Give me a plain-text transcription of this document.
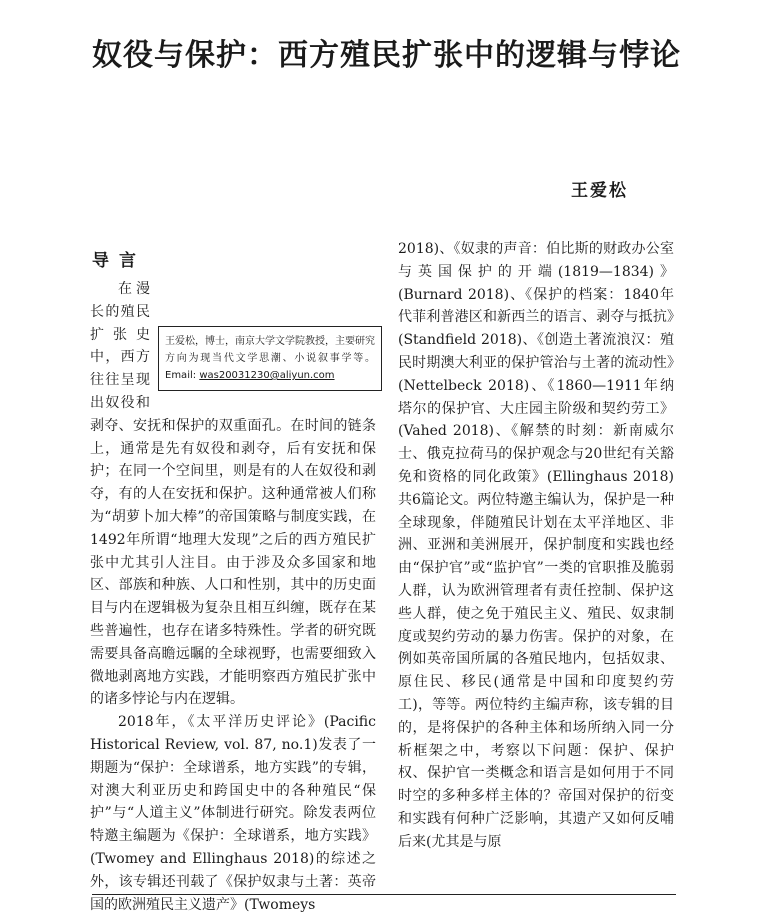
奴役与保护：西方殖民扩张中的逻辑与悖论
王爱松
导言
王爱松，博士，南京大学文学院教授，主要研究方向为现当代文学思潮、小说叙事学等。Email: was20031230@aliyun.com

在漫长的殖民扩张史中，西方往往呈现出奴役和剥夺、安抚和保护的双重面孔。在时间的链条上，通常是先有奴役和剥夺，后有安抚和保护；在同一个空间里，则是有的人在奴役和剥夺，有的人在安抚和保护。这种通常被人们称为“胡萝卜加大棒”的帝国策略与制度实践，在1492年所谓“地理大发现”之后的西方殖民扩张中尤其引人注目。由于涉及众多国家和地区、部族和种族、人口和性别，其中的历史面目与内在逻辑极为复杂且相互纠缠，既存在某些普遍性，也存在诸多特殊性。学者的研究既需要具备高瞻远瞩的全球视野，也需要细致入微地剥离地方实践，才能明察西方殖民扩张中的诸多悖论与内在逻辑。

2018年，《太平洋历史评论》(Pacific Historical Review, vol. 87, no.1)发表了一期题为“保护：全球谱系，地方实践”的专辑，对澳大利亚历史和跨国史中的各种殖民“保护”与“人道主义”体制进行研究。除发表两位特邀主编题为《保护：全球谱系，地方实践》(Twomey and Ellinghaus 2018)的综述之外，该专辑还刊载了《保护奴隶与土著：英帝国的欧洲殖民主义遗产》(Twomeys

2018)、《奴隶的声音：伯比斯的财政办公室与英国保护的开端(1819—1834)》(Burnard 2018)、《保护的档案：1840年代菲利普港区和新西兰的语言、剥夺与抵抗》(Standfield 2018)、《创造土著流浪汉：殖民时期澳大利亚的保护管治与土著的流动性》(Nettelbeck 2018)、《1860—1911年纳塔尔的保护官、大庄园主阶级和契约劳工》(Vahed 2018)、《解禁的时刻：新南威尔士、俄克拉荷马的保护观念与20世纪有关豁免和资格的同化政策》(Ellinghaus 2018)共6篇论文。两位特邀主编认为，保护是一种全球现象，伴随殖民计划在太平洋地区、非洲、亚洲和美洲展开，保护制度和实践也经由“保护官”或“监护官”一类的官职推及脆弱人群，认为欧洲管理者有责任控制、保护这些人群，使之免于殖民主义、殖民、奴隶制度或契约劳动的暴力伤害。保护的对象，在例如英帝国所属的各殖民地内，包括奴隶、原住民、移民(通常是中国和印度契约劳工)，等等。两位特约主编声称，该专辑的目的，是将保护的各种主体和场所纳入同一分析框架之中，考察以下问题：保护、保护权、保护官一类概念和语言是如何用于不同时空的多种多样主体的？帝国对保护的衍变和实践有何种广泛影响，其遗产又如何反哺后来(尤其是与原
